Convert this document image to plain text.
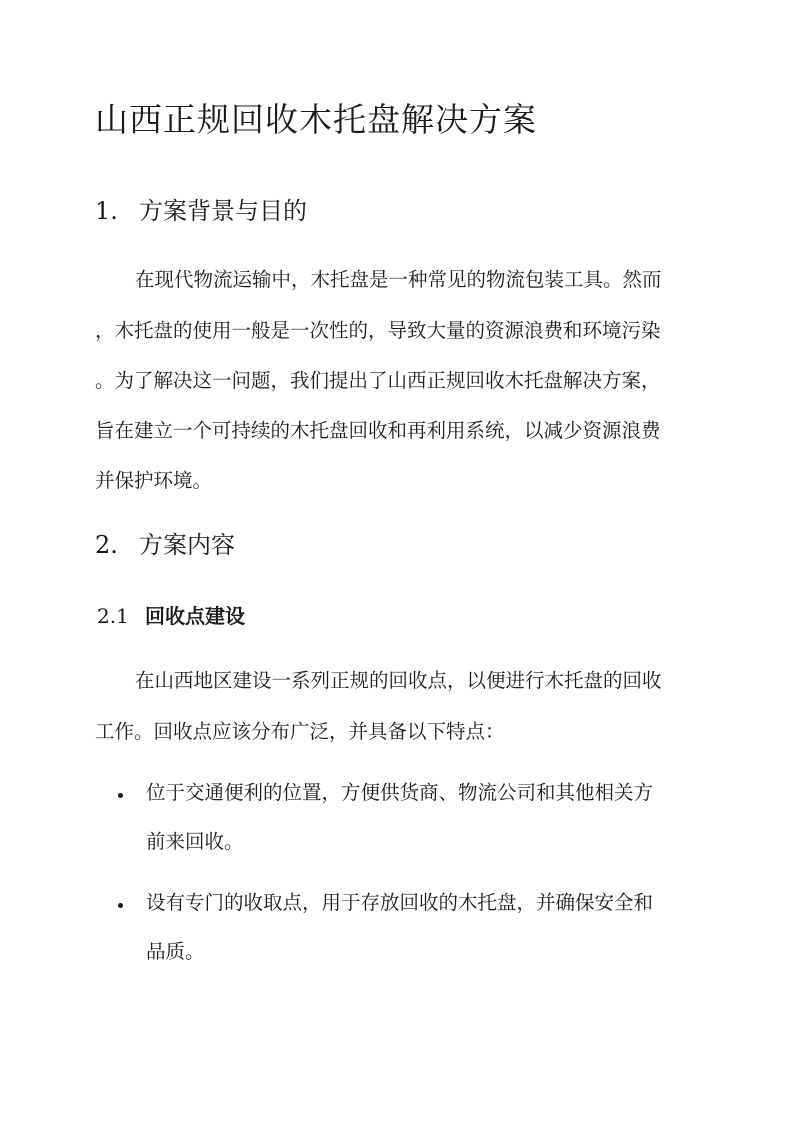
山西正规回收木托盘解决方案
1. 方案背景与目的

在现代物流运输中，木托盘是一种常见的物流包装工具。然而

，木托盘的使用一般是一次性的，导致大量的资源浪费和环境污染

。为了解决这一问题，我们提出了山西正规回收木托盘解决方案，

旨在建立一个可持续的木托盘回收和再利用系统，以减少资源浪费

并保护环境。

2. 方案内容
2.1 回收点建设

在山西地区建设一系列正规的回收点，以便进行木托盘的回收

工作。回收点应该分布广泛，并具备以下特点：

位于交通便利的位置，方便供货商、物流公司和其他相关方

前来回收。

设有专门的收取点，用于存放回收的木托盘，并确保安全和

品质。
